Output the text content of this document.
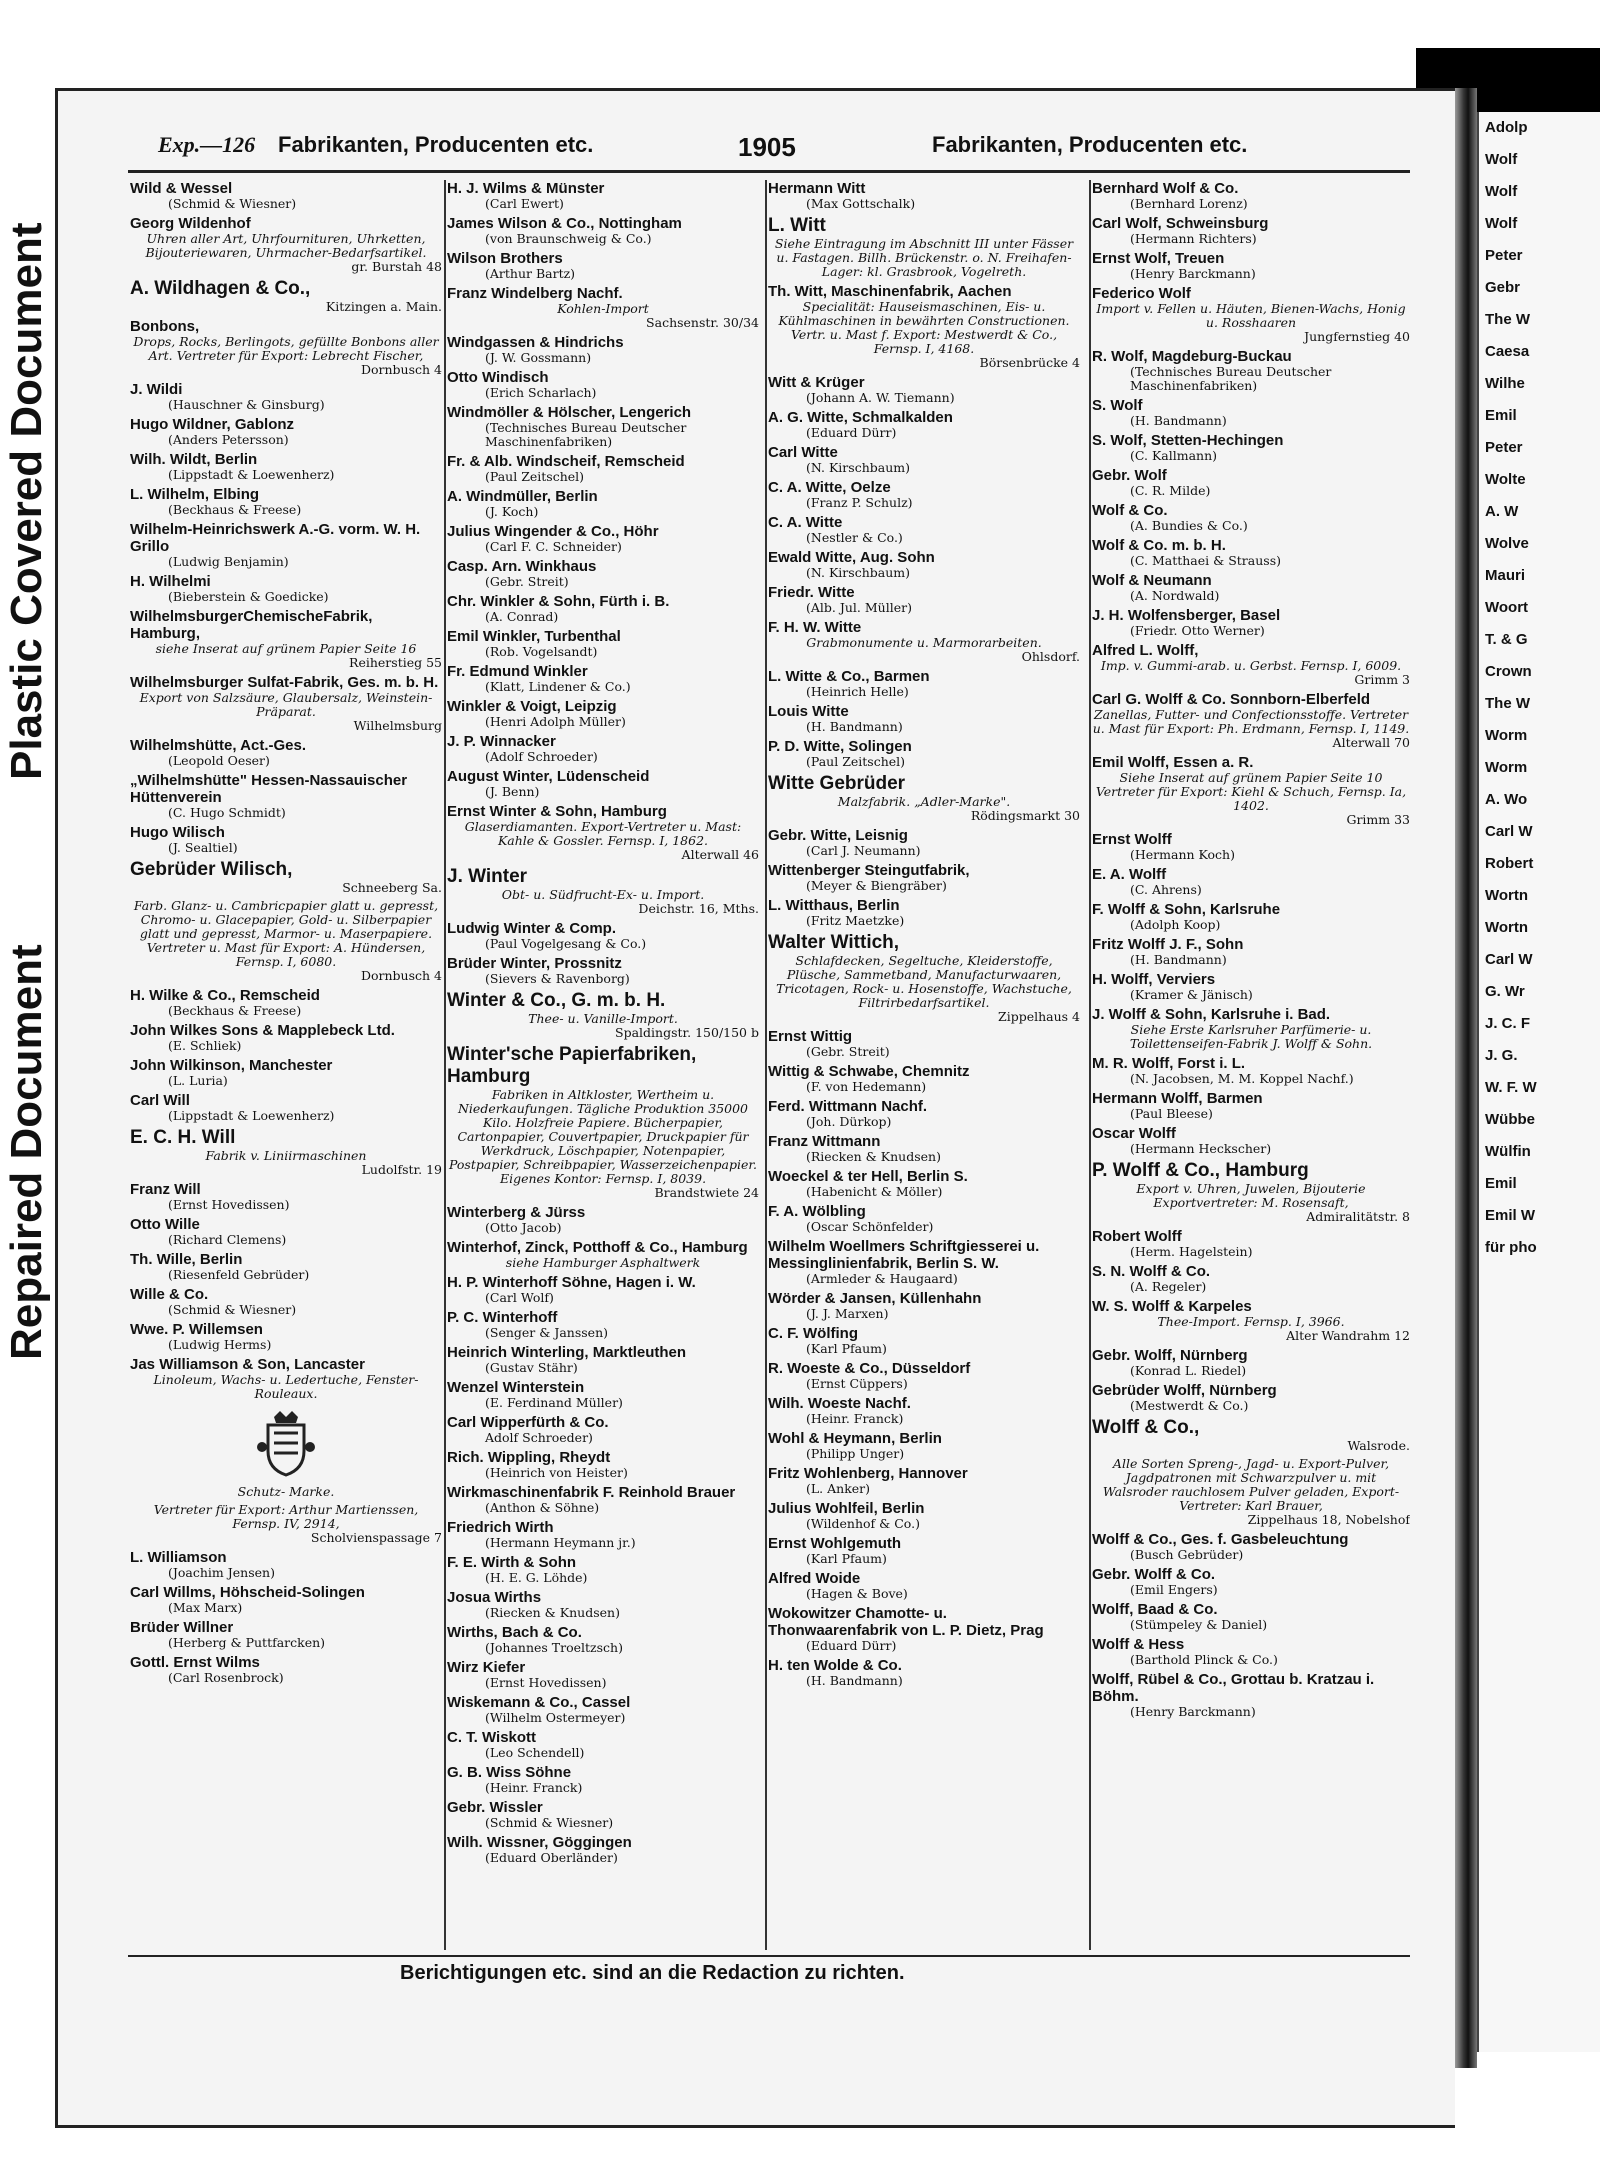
Repaired Document
Plastic Covered Document
Adolp
Wolf
Wolf
Wolf
Peter
Gebr
The W
Caesa
Wilhe
Emil
Peter
Wolte
A. W
Wolve
Mauri
Woort
T. & G
Crown
The W
Worm
Worm
A. Wo
Carl W
Robert
Wortn
Wortn
Carl W
G. Wr
J. C. F
J. G.
W. F. W
Wübbe
Wülfin
Emil
Emil W
für pho
Exp.—126 Fabrikanten, Producenten etc.	1905	Fabrikanten, Producenten etc.
Wild & Wessel
(Schmid & Wiesner)
Georg Wildenhof
Uhren aller Art, Uhrfournituren, Uhrketten, Bijouteriewaren, Uhrmacher-Bedarfsartikel.
gr. Burstah 48
A. Wildhagen & Co.,
Kitzingen a. Main.
Bonbons,
Drops, Rocks, Berlingots, gefüllte Bonbons aller Art. Vertreter für Export: Lebrecht Fischer,
Dornbusch 4
J. Wildi
(Hauschner & Ginsburg)
Hugo Wildner, Gablonz
(Anders Petersson)
Wilh. Wildt, Berlin
(Lippstadt & Loewenherz)
L. Wilhelm, Elbing
(Beckhaus & Freese)
Wilhelm-Heinrichswerk A.-G. vorm. W. H. Grillo
(Ludwig Benjamin)
H. Wilhelmi
(Bieberstein & Goedicke)
WilhelmsburgerChemischeFabrik, Hamburg,
siehe Inserat auf grünem Papier Seite 16
Reiherstieg 55
Wilhelmsburger Sulfat-Fabrik, Ges. m. b. H.
Export von Salzsäure, Glaubersalz, Weinstein-Präparat.
Wilhelmsburg
Wilhelmshütte, Act.-Ges.
(Leopold Oeser)
„Wilhelmshütte" Hessen-Nassauischer Hüttenverein
(C. Hugo Schmidt)
Hugo Wilisch
(J. Sealtiel)
Gebrüder Wilisch,
Schneeberg Sa.
Farb. Glanz- u. Cambricpapier glatt u. gepresst, Chromo- u. Glacepapier, Gold- u. Silberpapier glatt und gepresst, Marmor- u. Maserpapiere. Vertreter u. Mast für Export: A. Hündersen, Fernsp. I, 6080.
Dornbusch 4
H. Wilke & Co., Remscheid
(Beckhaus & Freese)
John Wilkes Sons & Mapplebeck Ltd.
(E. Schliek)
John Wilkinson, Manchester
(L. Luria)
Carl Will
(Lippstadt & Loewenherz)
E. C. H. Will
Fabrik v. Liniirmaschinen
Ludolfstr. 19
Franz Will
(Ernst Hovedissen)
Otto Wille
(Richard Clemens)
Th. Wille, Berlin
(Riesenfeld Gebrüder)
Wille & Co.
(Schmid & Wiesner)
Wwe. P. Willemsen
(Ludwig Herms)
Jas Williamson & Son, Lancaster
Linoleum, Wachs- u. Ledertuche, Fenster-Rouleaux.
Schutz- Marke.
Vertreter für Export: Arthur Martienssen, Fernsp. IV, 2914,
Scholvienspassage 7
L. Williamson
(Joachim Jensen)
Carl Willms, Höhscheid-Solingen
(Max Marx)
Brüder Willner
(Herberg & Puttfarcken)
Gottl. Ernst Wilms
(Carl Rosenbrock)
H. J. Wilms & Münster
(Carl Ewert)
James Wilson & Co., Nottingham
(von Braunschweig & Co.)
Wilson Brothers
(Arthur Bartz)
Franz Windelberg Nachf.
Kohlen-Import
Sachsenstr. 30/34
Windgassen & Hindrichs
(J. W. Gossmann)
Otto Windisch
(Erich Scharlach)
Windmöller & Hölscher, Lengerich
(Technisches Bureau Deutscher Maschinenfabriken)
Fr. & Alb. Windscheif, Remscheid
(Paul Zeitschel)
A. Windmüller, Berlin
(J. Koch)
Julius Wingender & Co., Höhr
(Carl F. C. Schneider)
Casp. Arn. Winkhaus
(Gebr. Streit)
Chr. Winkler & Sohn, Fürth i. B.
(A. Conrad)
Emil Winkler, Turbenthal
(Rob. Vogelsandt)
Fr. Edmund Winkler
(Klatt, Lindener & Co.)
Winkler & Voigt, Leipzig
(Henri Adolph Müller)
J. P. Winnacker
(Adolf Schroeder)
August Winter, Lüdenscheid
(J. Benn)
Ernst Winter & Sohn, Hamburg
Glaserdiamanten. Export-Vertreter u. Mast: Kahle & Gossler. Fernsp. I, 1862.
Alterwall 46
J. Winter
Obt- u. Südfrucht-Ex- u. Import.
Deichstr. 16, Mths.
Ludwig Winter & Comp.
(Paul Vogelgesang & Co.)
Brüder Winter, Prossnitz
(Sievers & Ravenborg)
Winter & Co., G. m. b. H.
Thee- u. Vanille-Import.
Spaldingstr. 150/150 b
Winter'sche Papierfabriken, Hamburg
Fabriken in Altkloster, Wertheim u. Niederkaufungen. Tägliche Produktion 35000 Kilo. Holzfreie Papiere. Bücherpapier, Cartonpapier, Couvertpapier, Druckpapier für Werkdruck, Löschpapier, Notenpapier, Postpapier, Schreibpapier, Wasserzeichenpapier. Eigenes Kontor: Fernsp. I, 8039.
Brandstwiete 24
Winterberg & Jürss
(Otto Jacob)
Winterhof, Zinck, Potthoff & Co., Hamburg
siehe Hamburger Asphaltwerk
H. P. Winterhoff Söhne, Hagen i. W.
(Carl Wolf)
P. C. Winterhoff
(Senger & Janssen)
Heinrich Winterling, Marktleuthen
(Gustav Stähr)
Wenzel Winterstein
(E. Ferdinand Müller)
Carl Wipperfürth & Co.
Adolf Schroeder)
Rich. Wippling, Rheydt
(Heinrich von Heister)
Wirkmaschinenfabrik F. Reinhold Brauer
(Anthon & Söhne)
Friedrich Wirth
(Hermann Heymann jr.)
F. E. Wirth & Sohn
(H. E. G. Löhde)
Josua Wirths
(Riecken & Knudsen)
Wirths, Bach & Co.
(Johannes Troeltzsch)
Wirz Kiefer
(Ernst Hovedissen)
Wiskemann & Co., Cassel
(Wilhelm Ostermeyer)
C. T. Wiskott
(Leo Schendell)
G. B. Wiss Söhne
(Heinr. Franck)
Gebr. Wissler
(Schmid & Wiesner)
Wilh. Wissner, Göggingen
(Eduard Oberländer)
Hermann Witt
(Max Gottschalk)
L. Witt
Siehe Eintragung im Abschnitt III unter Fässer u. Fastagen. Billh. Brückenstr. o. N. Freihafen-Lager: kl. Grasbrook, Vogelreth.
Th. Witt, Maschinenfabrik, Aachen
Specialität: Hauseismaschinen, Eis- u. Kühlmaschinen in bewährten Constructionen. Vertr. u. Mast f. Export: Mestwerdt & Co., Fernsp. I, 4168.
Börsenbrücke 4
Witt & Krüger
(Johann A. W. Tiemann)
A. G. Witte, Schmalkalden
(Eduard Dürr)
Carl Witte
(N. Kirschbaum)
C. A. Witte, Oelze
(Franz P. Schulz)
C. A. Witte
(Nestler & Co.)
Ewald Witte, Aug. Sohn
(N. Kirschbaum)
Friedr. Witte
(Alb. Jul. Müller)
F. H. W. Witte
Grabmonumente u. Marmorarbeiten.
Ohlsdorf.
L. Witte & Co., Barmen
(Heinrich Helle)
Louis Witte
(H. Bandmann)
P. D. Witte, Solingen
(Paul Zeitschel)
Witte Gebrüder
Malzfabrik. „Adler-Marke".
Rödingsmarkt 30
Gebr. Witte, Leisnig
(Carl J. Neumann)
Wittenberger Steingutfabrik,
(Meyer & Biengräber)
L. Witthaus, Berlin
(Fritz Maetzke)
Walter Wittich,
Schlafdecken, Segeltuche, Kleiderstoffe, Plüsche, Sammetband, Manufacturwaaren, Tricotagen, Rock- u. Hosenstoffe, Wachstuche, Filtrirbedarfsartikel.
Zippelhaus 4
Ernst Wittig
(Gebr. Streit)
Wittig & Schwabe, Chemnitz
(F. von Hedemann)
Ferd. Wittmann Nachf.
(Joh. Dürkop)
Franz Wittmann
(Riecken & Knudsen)
Woeckel & ter Hell, Berlin S.
(Habenicht & Möller)
F. A. Wölbling
(Oscar Schönfelder)
Wilhelm Woellmers Schriftgiesserei u. Messinglinienfabrik, Berlin S. W.
(Armleder & Haugaard)
Wörder & Jansen, Küllenhahn
(J. J. Marxen)
C. F. Wölfing
(Karl Pfaum)
R. Woeste & Co., Düsseldorf
(Ernst Cüppers)
Wilh. Woeste Nachf.
(Heinr. Franck)
Wohl & Heymann, Berlin
(Philipp Unger)
Fritz Wohlenberg, Hannover
(L. Anker)
Julius Wohlfeil, Berlin
(Wildenhof & Co.)
Ernst Wohlgemuth
(Karl Pfaum)
Alfred Woide
(Hagen & Bove)
Wokowitzer Chamotte- u. Thonwaarenfabrik von L. P. Dietz, Prag
(Eduard Dürr)
H. ten Wolde & Co.
(H. Bandmann)
Bernhard Wolf & Co.
(Bernhard Lorenz)
Carl Wolf, Schweinsburg
(Hermann Richters)
Ernst Wolf, Treuen
(Henry Barckmann)
Federico Wolf
Import v. Fellen u. Häuten, Bienen-Wachs, Honig u. Rosshaaren
Jungfernstieg 40
R. Wolf, Magdeburg-Buckau
(Technisches Bureau Deutscher Maschinenfabriken)
S. Wolf
(H. Bandmann)
S. Wolf, Stetten-Hechingen
(C. Kallmann)
Gebr. Wolf
(C. R. Milde)
Wolf & Co.
(A. Bundies & Co.)
Wolf & Co. m. b. H.
(C. Matthaei & Strauss)
Wolf & Neumann
(A. Nordwald)
J. H. Wolfensberger, Basel
(Friedr. Otto Werner)
Alfred L. Wolff,
Imp. v. Gummi-arab. u. Gerbst. Fernsp. I, 6009.
Grimm 3
Carl G. Wolff & Co. Sonnborn-Elberfeld
Zanellas, Futter- und Confectionsstoffe. Vertreter u. Mast für Export: Ph. Erdmann, Fernsp. I, 1149.
Alterwall 70
Emil Wolff, Essen a. R.
Siehe Inserat auf grünem Papier Seite 10 Vertreter für Export: Kiehl & Schuch, Fernsp. Ia, 1402.
Grimm 33
Ernst Wolff
(Hermann Koch)
E. A. Wolff
(C. Ahrens)
F. Wolff & Sohn, Karlsruhe
(Adolph Koop)
Fritz Wolff J. F., Sohn
(H. Bandmann)
H. Wolff, Verviers
(Kramer & Jänisch)
J. Wolff & Sohn, Karlsruhe i. Bad.
Siehe Erste Karlsruher Parfümerie- u. Toilettenseifen-Fabrik J. Wolff & Sohn.
M. R. Wolff, Forst i. L.
(N. Jacobsen, M. M. Koppel Nachf.)
Hermann Wolff, Barmen
(Paul Bleese)
Oscar Wolff
(Hermann Heckscher)
P. Wolff & Co., Hamburg
Export v. Uhren, Juwelen, Bijouterie Exportvertreter: M. Rosensaft,
Admiralitätstr. 8
Robert Wolff
(Herm. Hagelstein)
S. N. Wolff & Co.
(A. Regeler)
W. S. Wolff & Karpeles
Thee-Import. Fernsp. I, 3966.
Alter Wandrahm 12
Gebr. Wolff, Nürnberg
(Konrad L. Riedel)
Gebrüder Wolff, Nürnberg
(Mestwerdt & Co.)
Wolff & Co.,
Walsrode.
Alle Sorten Spreng-, Jagd- u. Export-Pulver, Jagdpatronen mit Schwarzpulver u. mit Walsroder rauchlosem Pulver geladen, Export-Vertreter: Karl Brauer,
Zippelhaus 18, Nobelshof
Wolff & Co., Ges. f. Gasbeleuchtung
(Busch Gebrüder)
Gebr. Wolff & Co.
(Emil Engers)
Wolff, Baad & Co.
(Stümpeley & Daniel)
Wolff & Hess
(Barthold Plinck & Co.)
Wolff, Rübel & Co., Grottau b. Kratzau i. Böhm.
(Henry Barckmann)
Berichtigungen etc. sind an die Redaction zu richten.
